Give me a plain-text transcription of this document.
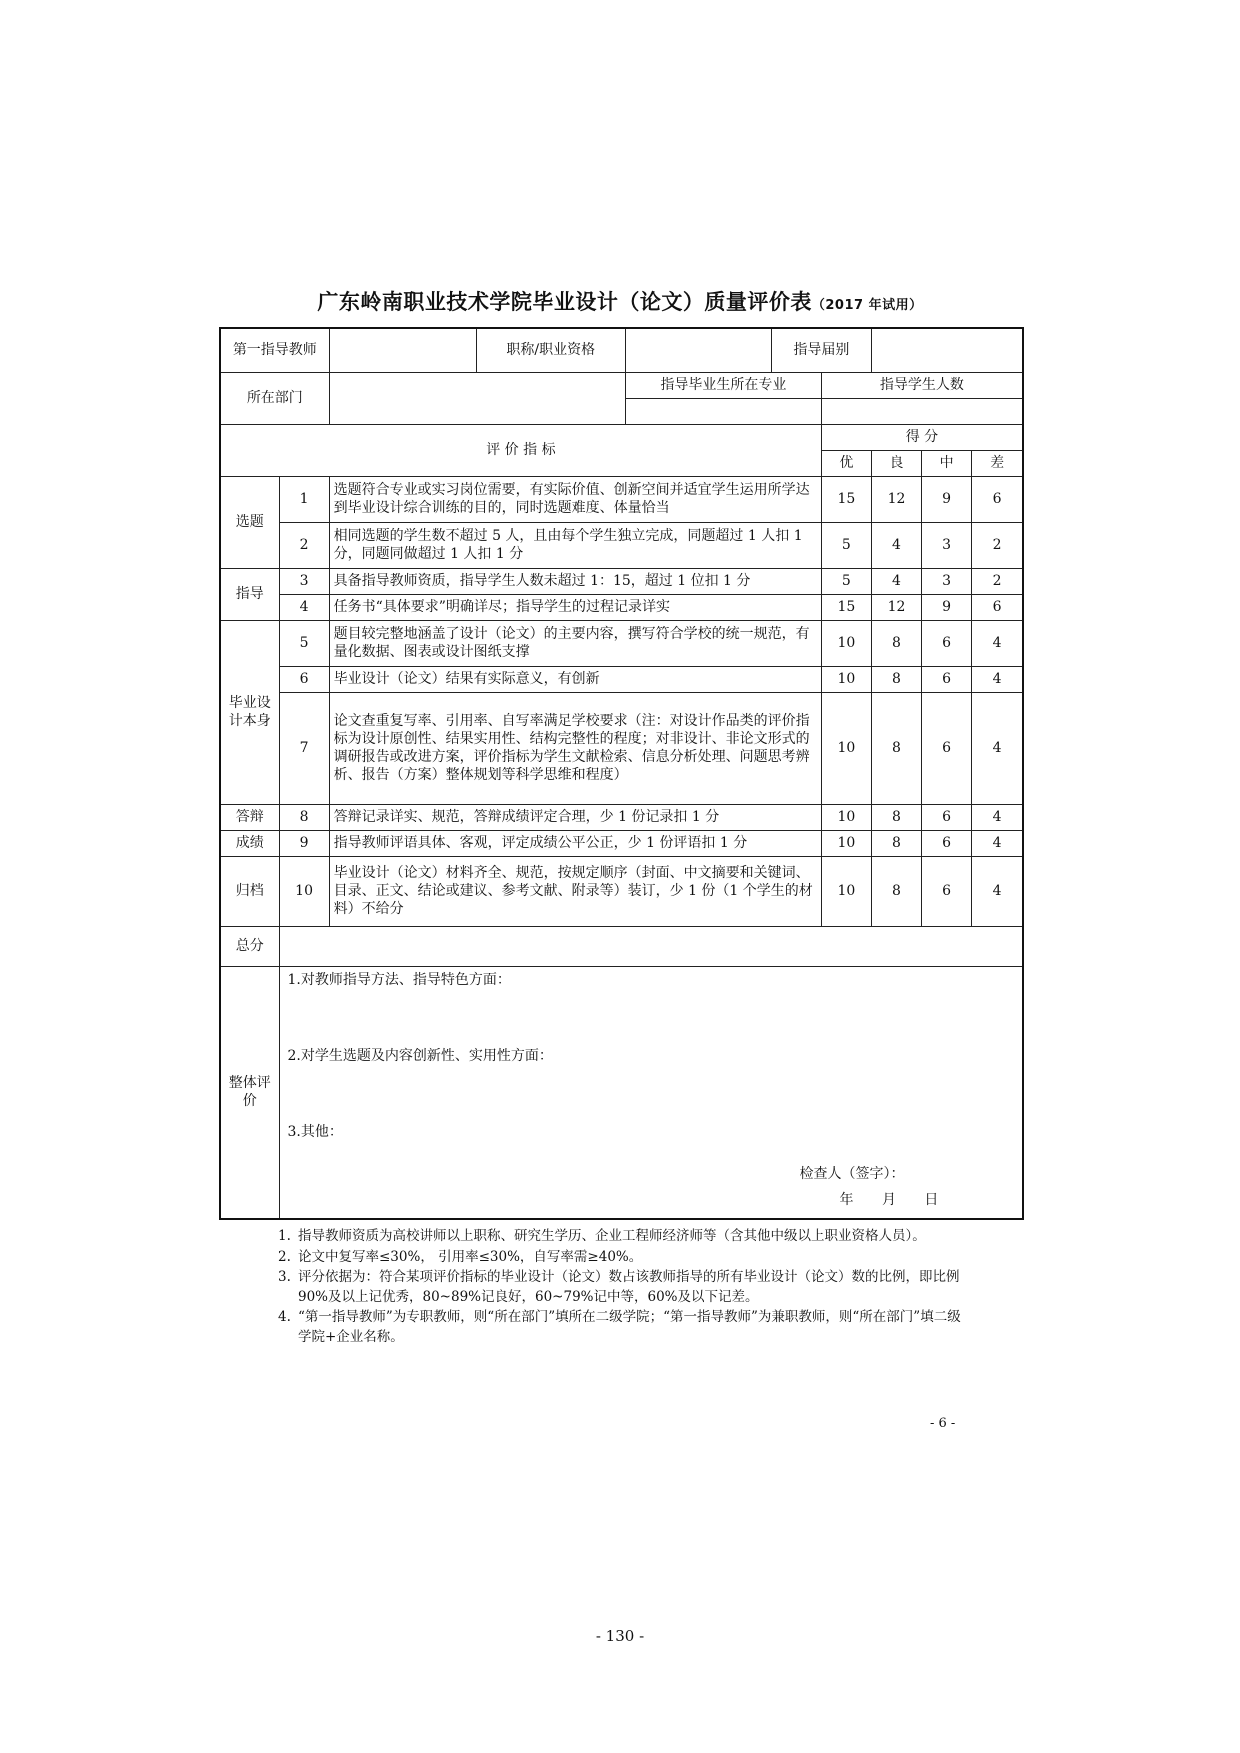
广东岭南职业技术学院毕业设计（论文）质量评价表（2017 年试用）
第一指导教师			职称/职业资格		指导届别				
所在部门				指导毕业生所在专业		指导学生人数			

评 价 指 标						得 分			
						优	良	中	差
选题	1	选题符合专业或实习岗位需要，有实际价值、创新空间并适宜学生运用所学达到毕业设计综合训练的目的，同时选题难度、体量恰当				15	12	9	6
	2	相同选题的学生数不超过 5 人，且由每个学生独立完成，同题超过 1 人扣 1 分，同题同做超过 1 人扣 1 分				5	4	3	2
指导	3	具备指导教师资质，指导学生人数未超过 1：15，超过 1 位扣 1 分				5	4	3	2
	4	任务书“具体要求”明确详尽；指导学生的过程记录详实				15	12	9	6
毕业设计本身	5	题目较完整地涵盖了设计（论文）的主要内容，撰写符合学校的统一规范，有量化数据、图表或设计图纸支撑				10	8	6	4
	6	毕业设计（论文）结果有实际意义，有创新				10	8	6	4
	7	论文查重复写率、引用率、自写率满足学校要求（注：对设计作品类的评价指标为设计原创性、结果实用性、结构完整性的程度；对非设计、非论文形式的调研报告或改进方案，评价指标为学生文献检索、信息分析处理、问题思考辨析、报告（方案）整体规划等科学思维和程度）				10	8	6	4
答辩	8	答辩记录详实、规范，答辩成绩评定合理，少 1 份记录扣 1 分				10	8	6	4
成绩	9	指导教师评语具体、客观，评定成绩公平公正，少 1 份评语扣 1 分				10	8	6	4
归档	10	毕业设计（论文）材料齐全、规范，按规定顺序（封面、中文摘要和关键词、目录、正文、结论或建议、参考文献、附录等）装订，少 1 份（1 个学生的材料）不给分				10	8	6	4
总分									
整体评价	1.对教师指导方法、指导特色方面：
2.对学生选题及内容创新性、实用性方面：
3.其他：
检查人（签字）：
年 月 日								
1. 指导教师资质为高校讲师以上职称、研究生学历、企业工程师经济师等（含其他中级以上职业资格人员）。
2. 论文中复写率≤30%， 引用率≤30%，自写率需≥40%。
3. 评分依据为：符合某项评价指标的毕业设计（论文）数占该教师指导的所有毕业设计（论文）数的比例，即比例 90%及以上记优秀，80~89%记良好，60~79%记中等，60%及以下记差。
4. “第一指导教师”为专职教师，则“所在部门”填所在二级学院；“第一指导教师”为兼职教师，则“所在部门”填二级学院+企业名称。
- 6 -
- 130 -
